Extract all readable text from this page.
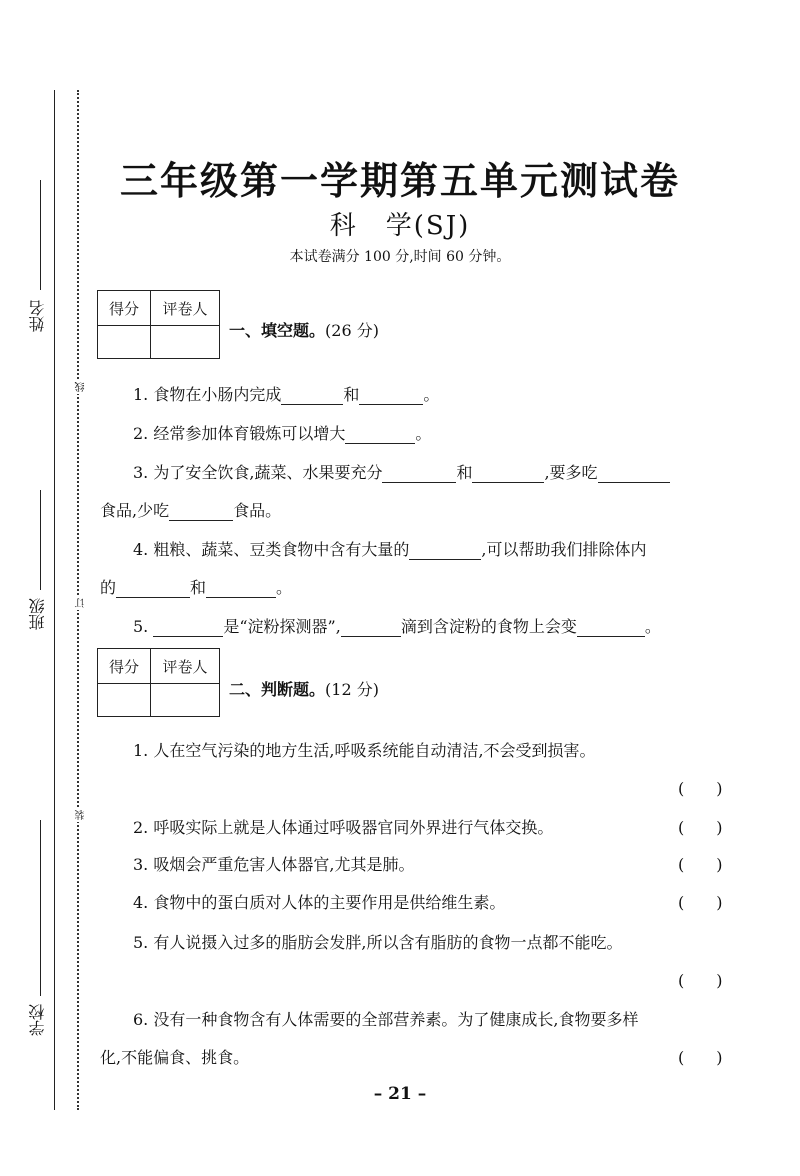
姓名
班级
学校
线
订
装
三年级第一学期第五单元测试卷
科　学(SJ)
本试卷满分 100 分,时间 60 分钟。
得分	评卷人

一、填空题。(26 分)
1. 食物在小肠内完成	和	。
2. 经常参加体育锻炼可以增大	。
3. 为了安全饮食,蔬菜、水果要充分	和	,要多吃
食品,少吃	食品。
4. 粗粮、蔬菜、豆类食物中含有大量的	,可以帮助我们排除体内
的	和	。
5.	是“淀粉探测器”,	滴到含淀粉的食物上会变	。
得分	评卷人

二、判断题。(12 分)
1. 人在空气污染的地方生活,呼吸系统能自动清洁,不会受到损害。
(　　)
2. 呼吸实际上就是人体通过呼吸器官同外界进行气体交换。	(　　)
3. 吸烟会严重危害人体器官,尤其是肺。	(　　)
4. 食物中的蛋白质对人体的主要作用是供给维生素。	(　　)
5. 有人说摄入过多的脂肪会发胖,所以含有脂肪的食物一点都不能吃。
(　　)
6. 没有一种食物含有人体需要的全部营养素。为了健康成长,食物要多样
化,不能偏食、挑食。	(　　)
– 21 –
